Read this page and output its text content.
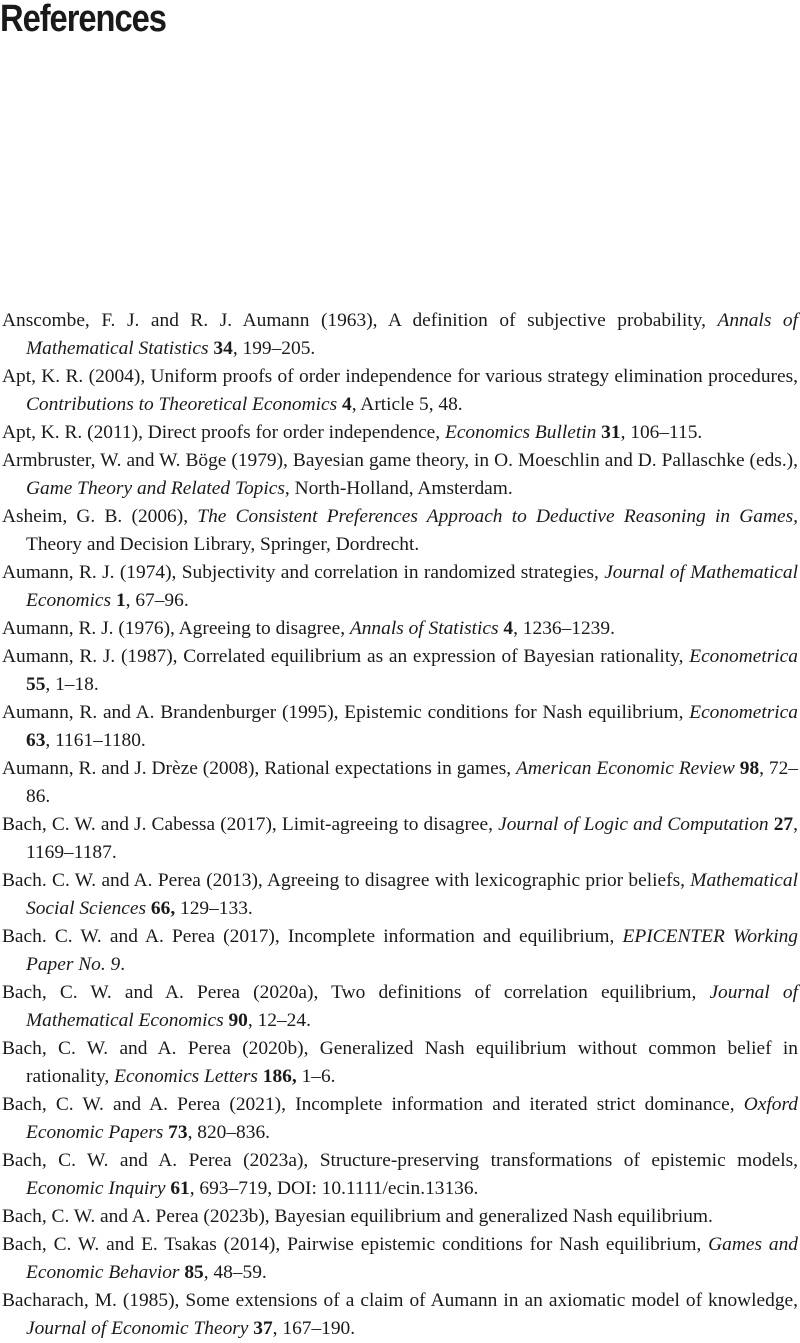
References
Anscombe, F. J. and R. J. Aumann (1963), A definition of subjective probability, Annals of Mathematical Statistics 34, 199–205.
Apt, K. R. (2004), Uniform proofs of order independence for various strategy elimination procedures, Contributions to Theoretical Economics 4, Article 5, 48.
Apt, K. R. (2011), Direct proofs for order independence, Economics Bulletin 31, 106–115.
Armbruster, W. and W. Böge (1979), Bayesian game theory, in O. Moeschlin and D. Pallaschke (eds.), Game Theory and Related Topics, North-Holland, Amsterdam.
Asheim, G. B. (2006), The Consistent Preferences Approach to Deductive Reasoning in Games, Theory and Decision Library, Springer, Dordrecht.
Aumann, R. J. (1974), Subjectivity and correlation in randomized strategies, Journal of Mathematical Economics 1, 67–96.
Aumann, R. J. (1976), Agreeing to disagree, Annals of Statistics 4, 1236–1239.
Aumann, R. J. (1987), Correlated equilibrium as an expression of Bayesian rationality, Econometrica 55, 1–18.
Aumann, R. and A. Brandenburger (1995), Epistemic conditions for Nash equilibrium, Econometrica 63, 1161–1180.
Aumann, R. and J. Drèze (2008), Rational expectations in games, American Economic Review 98, 72–86.
Bach, C. W. and J. Cabessa (2017), Limit-agreeing to disagree, Journal of Logic and Computation 27, 1169–1187.
Bach. C. W. and A. Perea (2013), Agreeing to disagree with lexicographic prior beliefs, Mathematical Social Sciences 66, 129–133.
Bach. C. W. and A. Perea (2017), Incomplete information and equilibrium, EPICENTER Working Paper No. 9.
Bach, C. W. and A. Perea (2020a), Two definitions of correlation equilibrium, Journal of Mathematical Economics 90, 12–24.
Bach, C. W. and A. Perea (2020b), Generalized Nash equilibrium without common belief in rationality, Economics Letters 186, 1–6.
Bach, C. W. and A. Perea (2021), Incomplete information and iterated strict dominance, Oxford Economic Papers 73, 820–836.
Bach, C. W. and A. Perea (2023a), Structure-preserving transformations of epistemic models, Economic Inquiry 61, 693–719, DOI: 10.1111/ecin.13136.
Bach, C. W. and A. Perea (2023b), Bayesian equilibrium and generalized Nash equilibrium.
Bach, C. W. and E. Tsakas (2014), Pairwise epistemic conditions for Nash equilibrium, Games and Economic Behavior 85, 48–59.
Bacharach, M. (1985), Some extensions of a claim of Aumann in an axiomatic model of knowledge, Journal of Economic Theory 37, 167–190.
